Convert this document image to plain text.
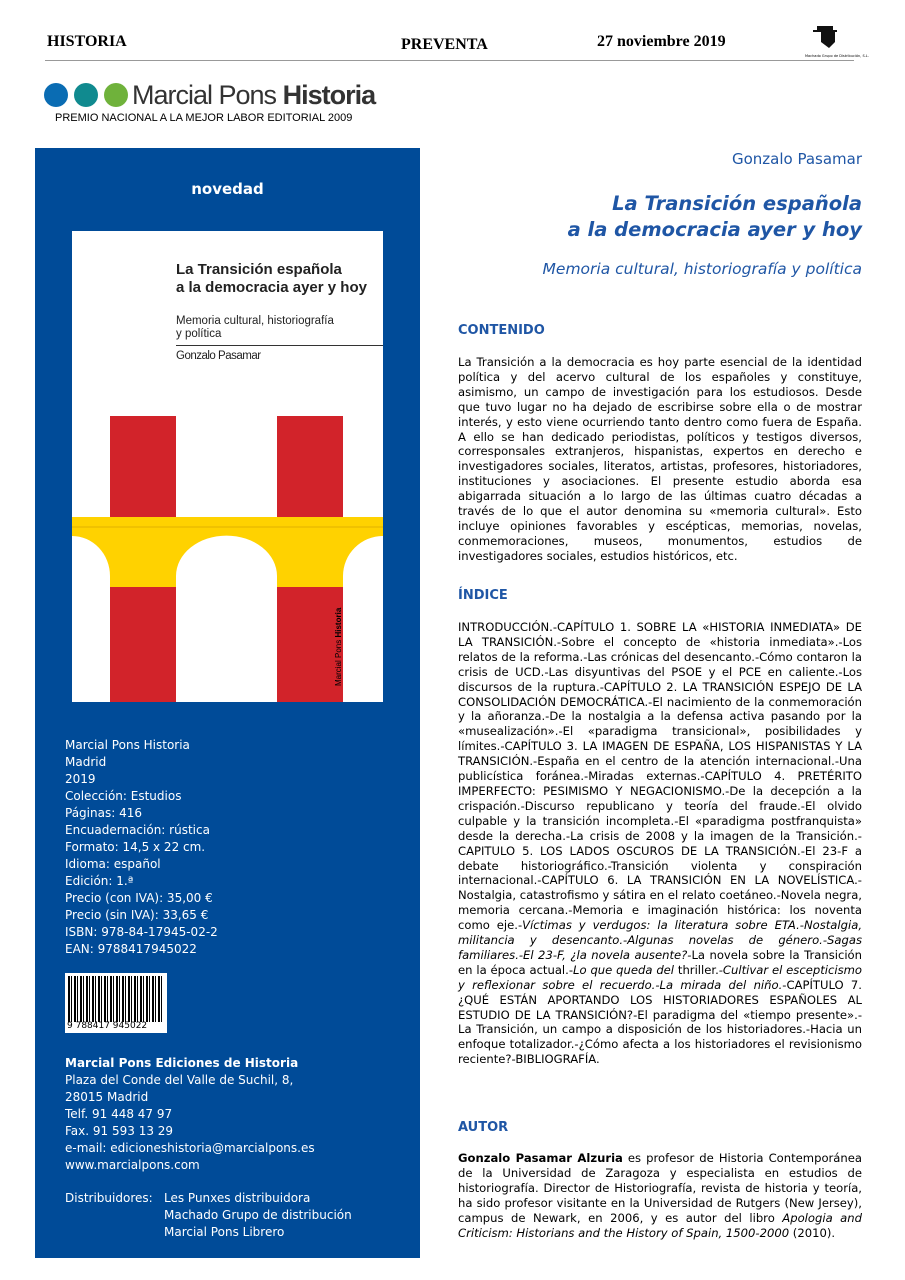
HISTORIA	PREVENTA	27 noviembre 2019
Machado Grupo de Distribución, S.L.
Marcial Pons Historia
PREMIO NACIONAL A LA MEJOR LABOR EDITORIAL 2009
novedad
La Transición española
a la democracia ayer y hoy
Memoria cultural, historiografía
y política
Gonzalo Pasamar
Marcial Pons Historia
Marcial Pons Historia
Madrid
2019
Colección: Estudios
Páginas: 416
Encuadernación: rústica
Formato: 14,5 x 22 cm.
Idioma: español
Edición: 1.ª
Precio (con IVA): 35,00 €
Precio (sin IVA): 33,65 €
ISBN: 978-84-17945-02-2
EAN: 9788417945022
9 788417 945022
Marcial Pons Ediciones de Historia
Plaza del Conde del Valle de Suchil, 8,
28015 Madrid
Telf. 91 448 47 97
Fax. 91 593 13 29
e-mail: edicioneshistoria@marcialpons.es
www.marcialpons.com
Distribuidores: Les Punxes distribuidora
Machado Grupo de distribución
Marcial Pons Librero
Gonzalo Pasamar
La Transición española
a la democracia ayer y hoy
Memoria cultural, historiografía y política
CONTENIDO
La Transición a la democracia es hoy parte esencial de la identidad política y del acervo cultural de los españoles y constituye, asimismo, un campo de investigación para los estudiosos. Desde que tuvo lugar no ha dejado de escribirse sobre ella o de mostrar interés, y esto viene ocurriendo tanto dentro como fuera de España. A ello se han dedicado periodistas, políticos y testigos diversos, corresponsales extranjeros, hispanistas, expertos en derecho e investigadores sociales, literatos, artistas, profesores, historiadores, instituciones y asociaciones. El presente estudio aborda esa abigarrada situación a lo largo de las últimas cuatro décadas a través de lo que el autor denomina su «memoria cultural». Esto incluye opiniones favorables y escépticas, memorias, novelas, conmemoraciones, museos, monumentos, estudios de investigadores sociales, estudios históricos, etc.
ÍNDICE
INTRODUCCIÓN.-CAPÍTULO 1. SOBRE LA «HISTORIA INMEDIATA» DE LA TRANSICIÓN.-Sobre el concepto de «historia inmediata».-Los relatos de la reforma.-Las crónicas del desencanto.-Cómo contaron la crisis de UCD.-Las disyuntivas del PSOE y el PCE en caliente.-Los discursos de la ruptura.-CAPÍTULO 2. LA TRANSICIÓN ESPEJO DE LA CONSOLIDACIÓN DEMOCRÁTICA.-El nacimiento de la conmemoración y la añoranza.-De la nostalgia a la defensa activa pasando por la «musealización».-El «paradigma transicional», posibilidades y límites.-CAPÍTULO 3. LA IMAGEN DE ESPAÑA, LOS HISPANISTAS Y LA TRANSICIÓN.-España en el centro de la atención internacional.-Una publicística foránea.-Miradas externas.-CAPÍTULO 4. PRETÉRITO IMPERFECTO: PESIMISMO Y NEGACIONISMO.-De la decepción a la crispación.-Discurso republicano y teoría del fraude.-El olvido culpable y la transición incompleta.-El «paradigma postfranquista» desde la derecha.-La crisis de 2008 y la imagen de la Transición.-CAPITULO 5. LOS LADOS OSCUROS DE LA TRANSICIÓN.-El 23-F a debate historiográfico.-Transición violenta y conspiración internacional.-CAPÍTULO 6. LA TRANSICIÓN EN LA NOVELÍSTICA.-Nostalgia, catastrofismo y sátira en el relato coetáneo.-Novela negra, memoria cercana.-Memoria e imaginación histórica: los noventa como eje.-Víctimas y verdugos: la literatura sobre ETA.-Nostalgia, militancia y desencanto.-Algunas novelas de género.-Sagas familiares.-El 23-F, ¿la novela ausente?-La novela sobre la Transición en la época actual.-Lo que queda del thriller.-Cultivar el escepticismo y reflexionar sobre el recuerdo.-La mirada del niño.-CAPÍTULO 7. ¿QUÉ ESTÁN APORTANDO LOS HISTORIADORES ESPAÑOLES AL ESTUDIO DE LA TRANSICIÓN?-El paradigma del «tiempo presente».-La Transición, un campo a disposición de los historiadores.-Hacia un enfoque totalizador.-¿Cómo afecta a los historiadores el revisionismo reciente?-BIBLIOGRAFÍA.
AUTOR
Gonzalo Pasamar Alzuria es profesor de Historia Contemporánea de la Universidad de Zaragoza y especialista en estudios de historiografía. Director de Historiografía, revista de historia y teoría, ha sido profesor visitante en la Universidad de Rutgers (New Jersey), campus de Newark, en 2006, y es autor del libro Apologia and Criticism: Historians and the History of Spain, 1500-2000 (2010).
